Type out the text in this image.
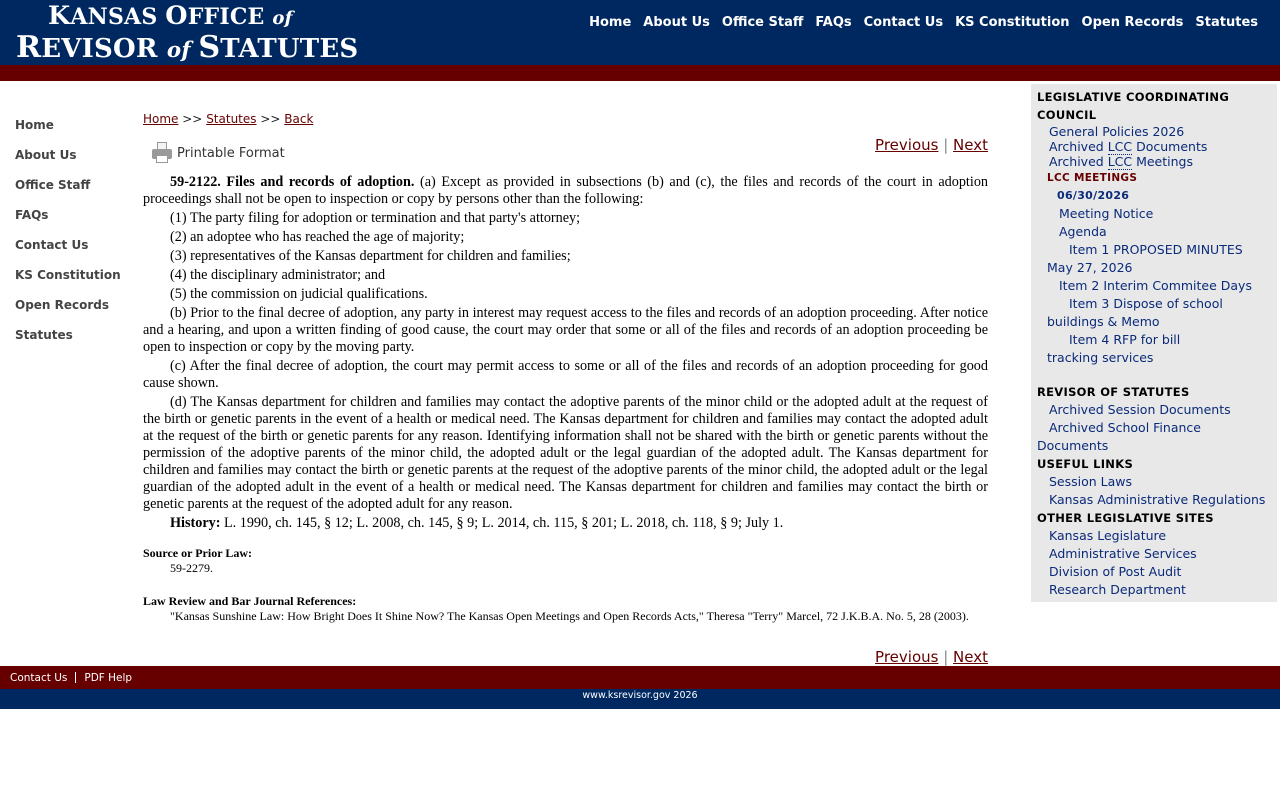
KANSAS OFFICE of
REVISOR of STATUTES
Home About Us Office Staff FAQs Contact Us KS Constitution Open Records Statutes
Home
About Us
Office Staff
FAQs
Contact Us
KS Constitution
Open Records
Statutes
Home >> Statutes >> Back
Printable Format	Previous | Next

59-2122. Files and records of adoption. (a) Except as provided in subsections (b) and (c), the files and records of the court in adoption proceedings shall not be open to inspection or copy by persons other than the following:

(1) The party filing for adoption or termination and that party's attorney;

(2) an adoptee who has reached the age of majority;

(3) representatives of the Kansas department for children and families;

(4) the disciplinary administrator; and

(5) the commission on judicial qualifications.

(b) Prior to the final decree of adoption, any party in interest may request access to the files and records of an adoption proceeding. After notice and a hearing, and upon a written finding of good cause, the court may order that some or all of the files and records of an adoption proceeding be open to inspection or copy by the moving party.

(c) After the final decree of adoption, the court may permit access to some or all of the files and records of an adoption proceeding for good cause shown.

(d) The Kansas department for children and families may contact the adoptive parents of the minor child or the adopted adult at the request of the birth or genetic parents in the event of a health or medical need. The Kansas department for children and families may contact the adopted adult at the request of the birth or genetic parents for any reason. Identifying information shall not be shared with the birth or genetic parents without the permission of the adoptive parents of the minor child, the adopted adult or the legal guardian of the adopted adult. The Kansas department for children and families may contact the birth or genetic parents at the request of the adoptive parents of the minor child, the adopted adult or the legal guardian of the adopted adult in the event of a health or medical need. The Kansas department for children and families may contact the birth or genetic parents at the request of the adopted adult for any reason.

History: L. 1990, ch. 145, § 12; L. 2008, ch. 145, § 9; L. 2014, ch. 115, § 201; L. 2018, ch. 118, § 9; July 1.

Source or Prior Law:
59-2279.
Law Review and Bar Journal References:
"Kansas Sunshine Law: How Bright Does It Shine Now? The Kansas Open Meetings and Open Records Acts," Theresa "Terry" Marcel, 72 J.K.B.A. No. 5, 28 (2003).
Previous | Next
LEGISLATIVE COORDINATING
COUNCIL
General Policies 2026
Archived LCC Documents
Archived LCC Meetings
LCC MEETINGS
06/30/2026
Meeting Notice
Agenda
Item 1 PROPOSED MINUTES May 27, 2026
Item 2 Interim Commitee Days
Item 3 Dispose of school buildings & Memo
Item 4 RFP for bill tracking services
REVISOR OF STATUTES
Archived Session Documents
Archived School Finance Documents
USEFUL LINKS
Session Laws
Kansas Administrative Regulations
OTHER LEGISLATIVE SITES
Kansas Legislature
Administrative Services
Division of Post Audit
Research Department
Contact Us	PDF Help
www.ksrevisor.gov 2026
